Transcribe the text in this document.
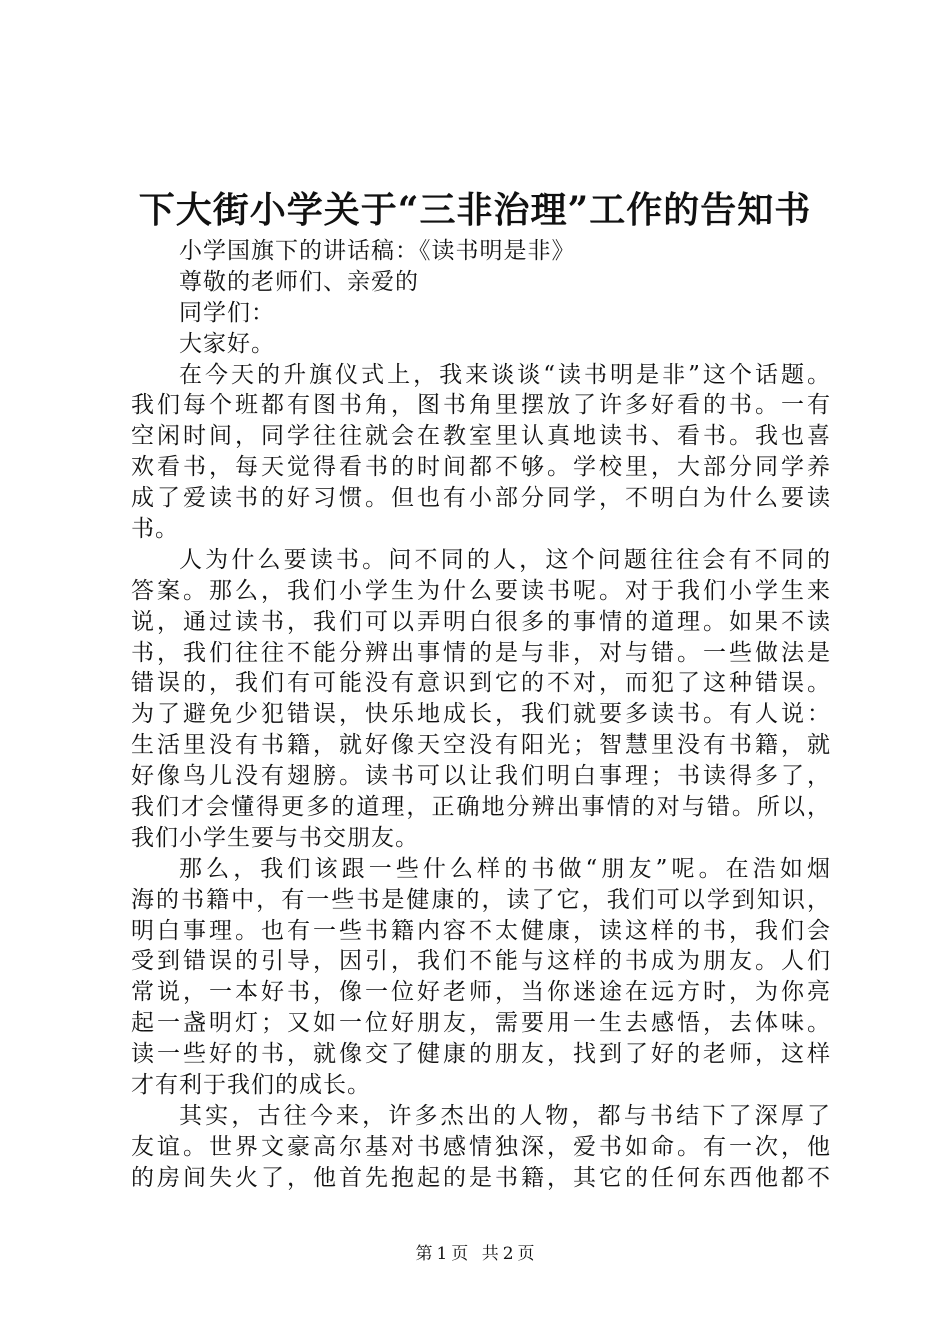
下大街小学关于“三非治理”工作的告知书
小学国旗下的讲话稿：《读书明是非》
尊敬的老师们、亲爱的
同学们：
大家好。
在今天的升旗仪式上，我来谈谈“读书明是非”这个话题。
我们每个班都有图书角，图书角里摆放了许多好看的书。一有
空闲时间，同学往往就会在教室里认真地读书、看书。我也喜
欢看书，每天觉得看书的时间都不够。学校里，大部分同学养
成了爱读书的好习惯。但也有小部分同学，不明白为什么要读
书。
人为什么要读书。问不同的人，这个问题往往会有不同的
答案。那么，我们小学生为什么要读书呢。对于我们小学生来
说，通过读书，我们可以弄明白很多的事情的道理。如果不读
书，我们往往不能分辨出事情的是与非，对与错。一些做法是
错误的，我们有可能没有意识到它的不对，而犯了这种错误。
为了避免少犯错误，快乐地成长，我们就要多读书。有人说：
生活里没有书籍，就好像天空没有阳光；智慧里没有书籍，就
好像鸟儿没有翅膀。读书可以让我们明白事理；书读得多了，
我们才会懂得更多的道理，正确地分辨出事情的对与错。所以，
我们小学生要与书交朋友。
那么，我们该跟一些什么样的书做“朋友”呢。在浩如烟
海的书籍中，有一些书是健康的，读了它，我们可以学到知识，
明白事理。也有一些书籍内容不太健康，读这样的书，我们会
受到错误的引导，因引，我们不能与这样的书成为朋友。人们
常说，一本好书，像一位好老师，当你迷途在远方时，为你亮
起一盏明灯；又如一位好朋友，需要用一生去感悟，去体味。
读一些好的书，就像交了健康的朋友，找到了好的老师，这样
才有利于我们的成长。
其实，古往今来，许多杰出的人物，都与书结下了深厚了
友谊。世界文豪高尔基对书感情独深，爱书如命。有一次，他
的房间失火了，他首先抱起的是书籍，其它的任何东西他都不
第 1 页 共 2 页
